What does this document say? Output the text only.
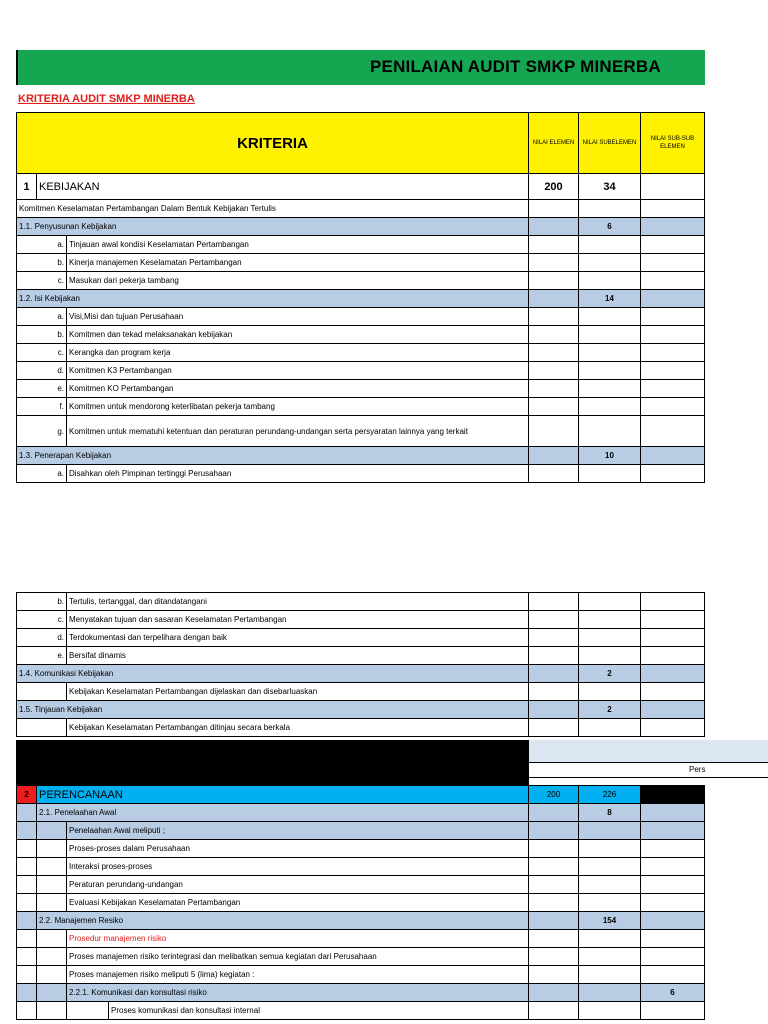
PENILAIAN AUDIT SMKP MINERBA
KRITERIA AUDIT SMKP MINERBA
KRITERIA			NILAI ELEMEN	NILAI SUBELEMEN	NILAI SUB-SUB ELEMEN
1	KEBIJAKAN		200	34	
Komitmen Keselamatan Pertambangan Dalam Bentuk Kebijakan Tertulis					
1.1. Penyusunan Kebijakan				6	
a.		Tinjauan awal kondisi Keselamatan Pertambangan			
b.		Kinerja manajemen Keselamatan Pertambangan			
c.		Masukan dari pekerja tambang			
1.2. Isi Kebijakan				14	
a.		Visi,Misi dan tujuan Perusahaan			
b.		Komitmen dan tekad melaksanakan kebijakan			
c.		Kerangka dan program kerja			
d.		Komitmen K3 Pertambangan			
e.		Komitmen KO Pertambangan			
f.		Komitmen untuk mendorong keterlibatan pekerja tambang			
g.		Komitmen untuk mematuhi ketentuan dan peraturan perundang-undangan serta persyaratan lainnya yang terkait			
1.3. Penerapan Kebijakan				10	
a.		Disahkan oleh Pimpinan tertinggi Perusahaan			
b.	Tertulis, tertanggal, dan ditandatangani			
c.	Menyatakan tujuan dan sasaran Keselamatan Pertambangan			
d.	Terdokumentasi dan terpelihara dengan baik			
e.	Bersifat dinamis			
1.4. Komunikasi Kebijakan			2	
	Kebijakan Keselamatan Pertambangan dijelaskan dan disebarluaskan			
1.5. Tinjauan Kebijakan			2	
	Kebijakan Keselamatan Pertambangan ditinjau secara berkala			
Pers
2	PERENCANAAN			200	226	
	2.1. Penelaahan Awal				8	
		Penelaahan Awal meliputi ;				
		Proses-proses dalam Perusahaan				
		Interaksi proses-proses				
		Peraturan perundang-undangan				
		Evaluasi Kebijakan Keselamatan Pertambangan				
	2.2. Manajemen Resiko				154	
		Prosedur manajemen risiko				
		Proses manajemen risiko terintegrasi dan melibatkan semua kegiatan dari Perusahaan				
		Proses manajemen risiko meliputi 5 (lima) kegiatan :				
		2.2.1. Komunikasi dan konsultasi risiko				6
			Proses komunikasi dan konsultasi internal			
